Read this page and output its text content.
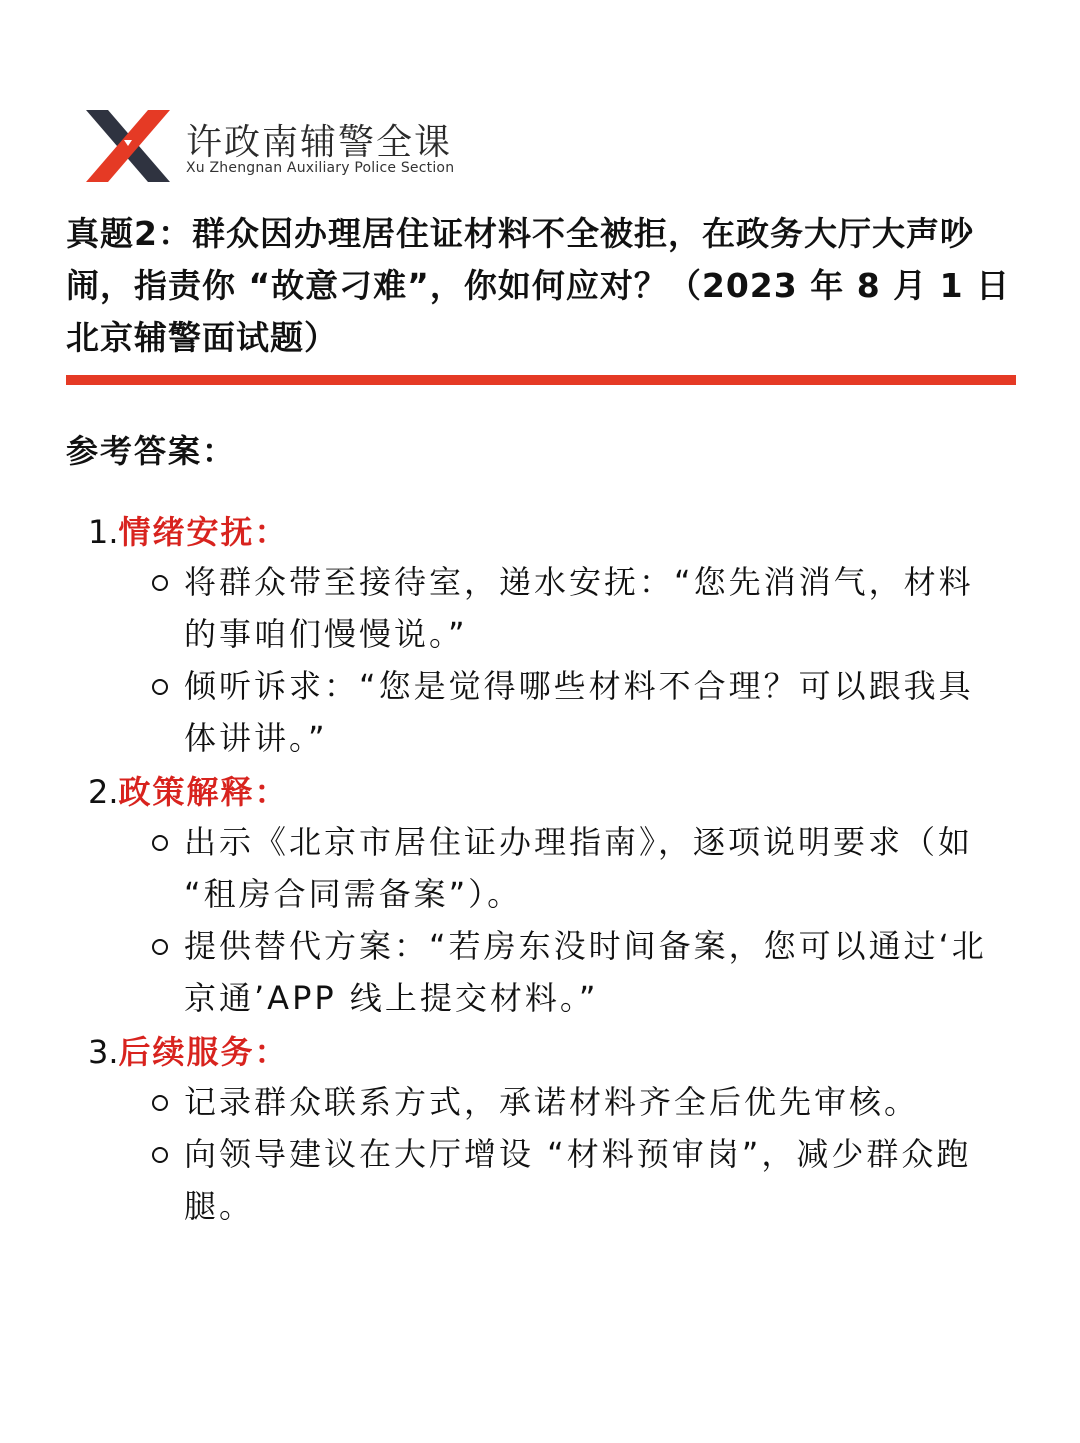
许政南辅警全课
Xu Zhengnan Auxiliary Police Section
真题2：群众因办理居住证材料不全被拒，在政务大厅大声吵闹，指责你 “故意刁难”，你如何应对？（2023 年 8 月 1 日北京辅警面试题）
参考答案：
1.情绪安抚：
将群众带至接待室，递水安抚：“您先消消气，材料的事咱们慢慢说。”
倾听诉求：“您是觉得哪些材料不合理？可以跟我具体讲讲。”
2.政策解释：
出示《北京市居住证办理指南》，逐项说明要求（如 “租房合同需备案”）。
提供替代方案：“若房东没时间备案，您可以通过‘北京通’APP 线上提交材料。”
3.后续服务：
记录群众联系方式，承诺材料齐全后优先审核。
向领导建议在大厅增设 “材料预审岗”，减少群众跑腿。
